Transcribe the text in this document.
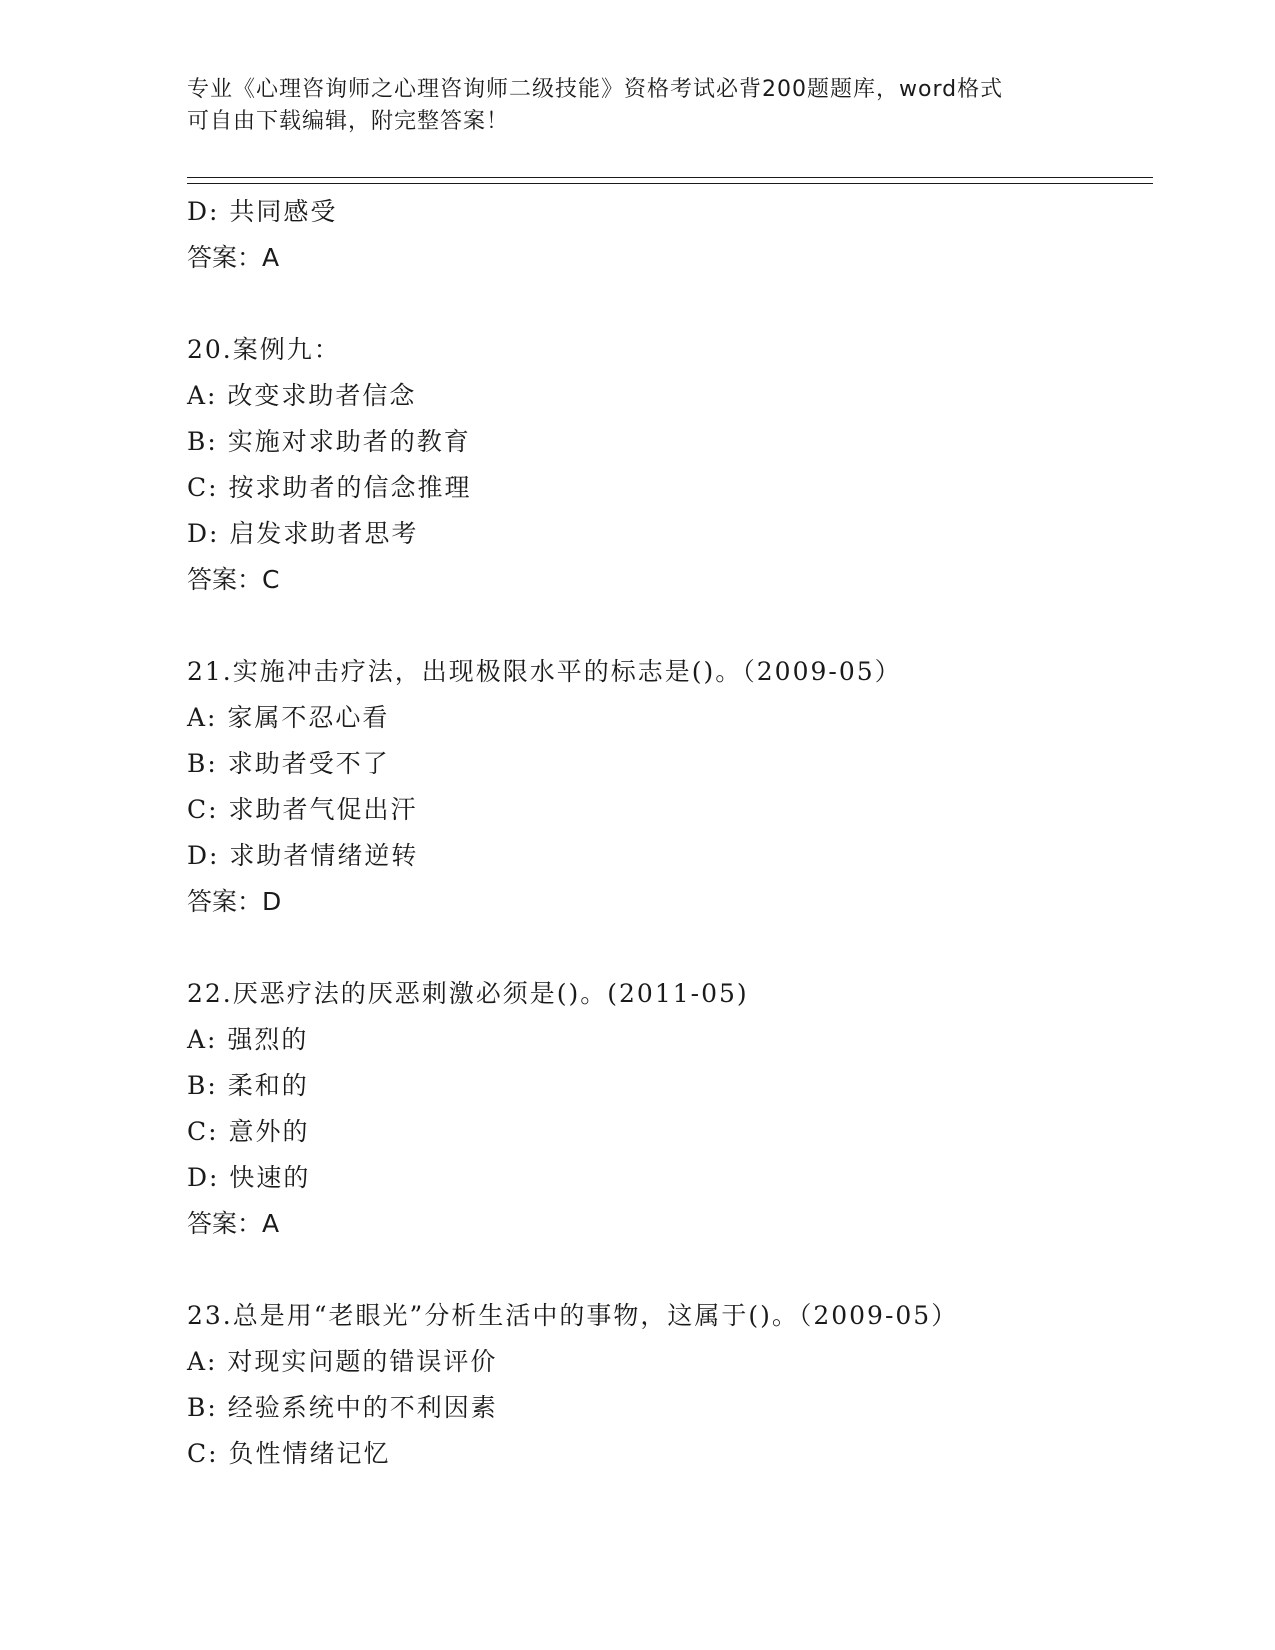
专业《心理咨询师之心理咨询师二级技能》资格考试必背200题题库，word格式
可自由下载编辑，附完整答案！
D: 共同感受
答案：A
20.案例九：
A: 改变求助者信念
B: 实施对求助者的教育
C: 按求助者的信念推理
D: 启发求助者思考
答案：C
21.实施冲击疗法，出现极限水平的标志是()。（2009-05）
A: 家属不忍心看
B: 求助者受不了
C: 求助者气促出汗
D: 求助者情绪逆转
答案：D
22.厌恶疗法的厌恶刺激必须是()。(2011-05)
A: 强烈的
B: 柔和的
C: 意外的
D: 快速的
答案：A
23.总是用“老眼光”分析生活中的事物，这属于()。（2009-05）
A: 对现实问题的错误评价
B: 经验系统中的不利因素
C: 负性情绪记忆
